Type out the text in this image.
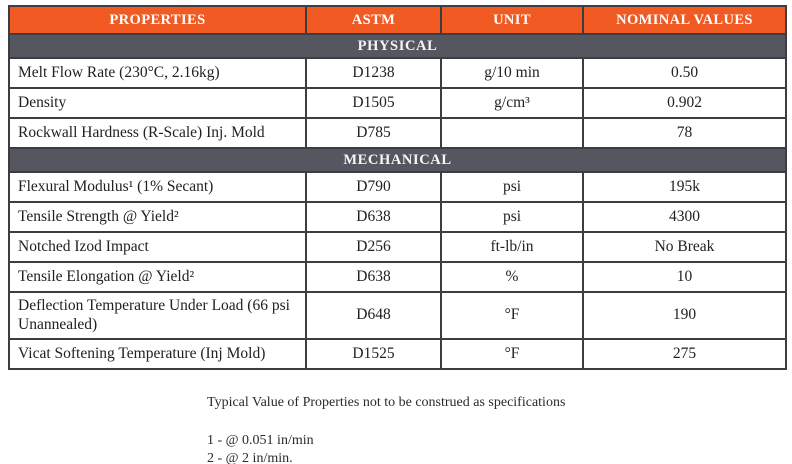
PROPERTIES	ASTM	UNIT	NOMINAL VALUES
PHYSICAL			
Melt Flow Rate (230°C, 2.16kg)	D1238	g/10 min	0.50
Density	D1505	g/cm³	0.902
Rockwall Hardness (R-Scale) Inj. Mold	D785		78
MECHANICAL			
Flexural Modulus¹ (1% Secant)	D790	psi	195k
Tensile Strength @ Yield²	D638	psi	4300
Notched Izod Impact	D256	ft-lb/in	No Break
Tensile Elongation @ Yield²	D638	%	10
Deflection Temperature Under Load (66 psi Unannealed)	D648	°F	190
Vicat Softening Temperature (Inj Mold)	D1525	°F	275
Typical Value of Properties not to be construed as specifications
1 - @ 0.051 in/min
2 - @ 2 in/min.
